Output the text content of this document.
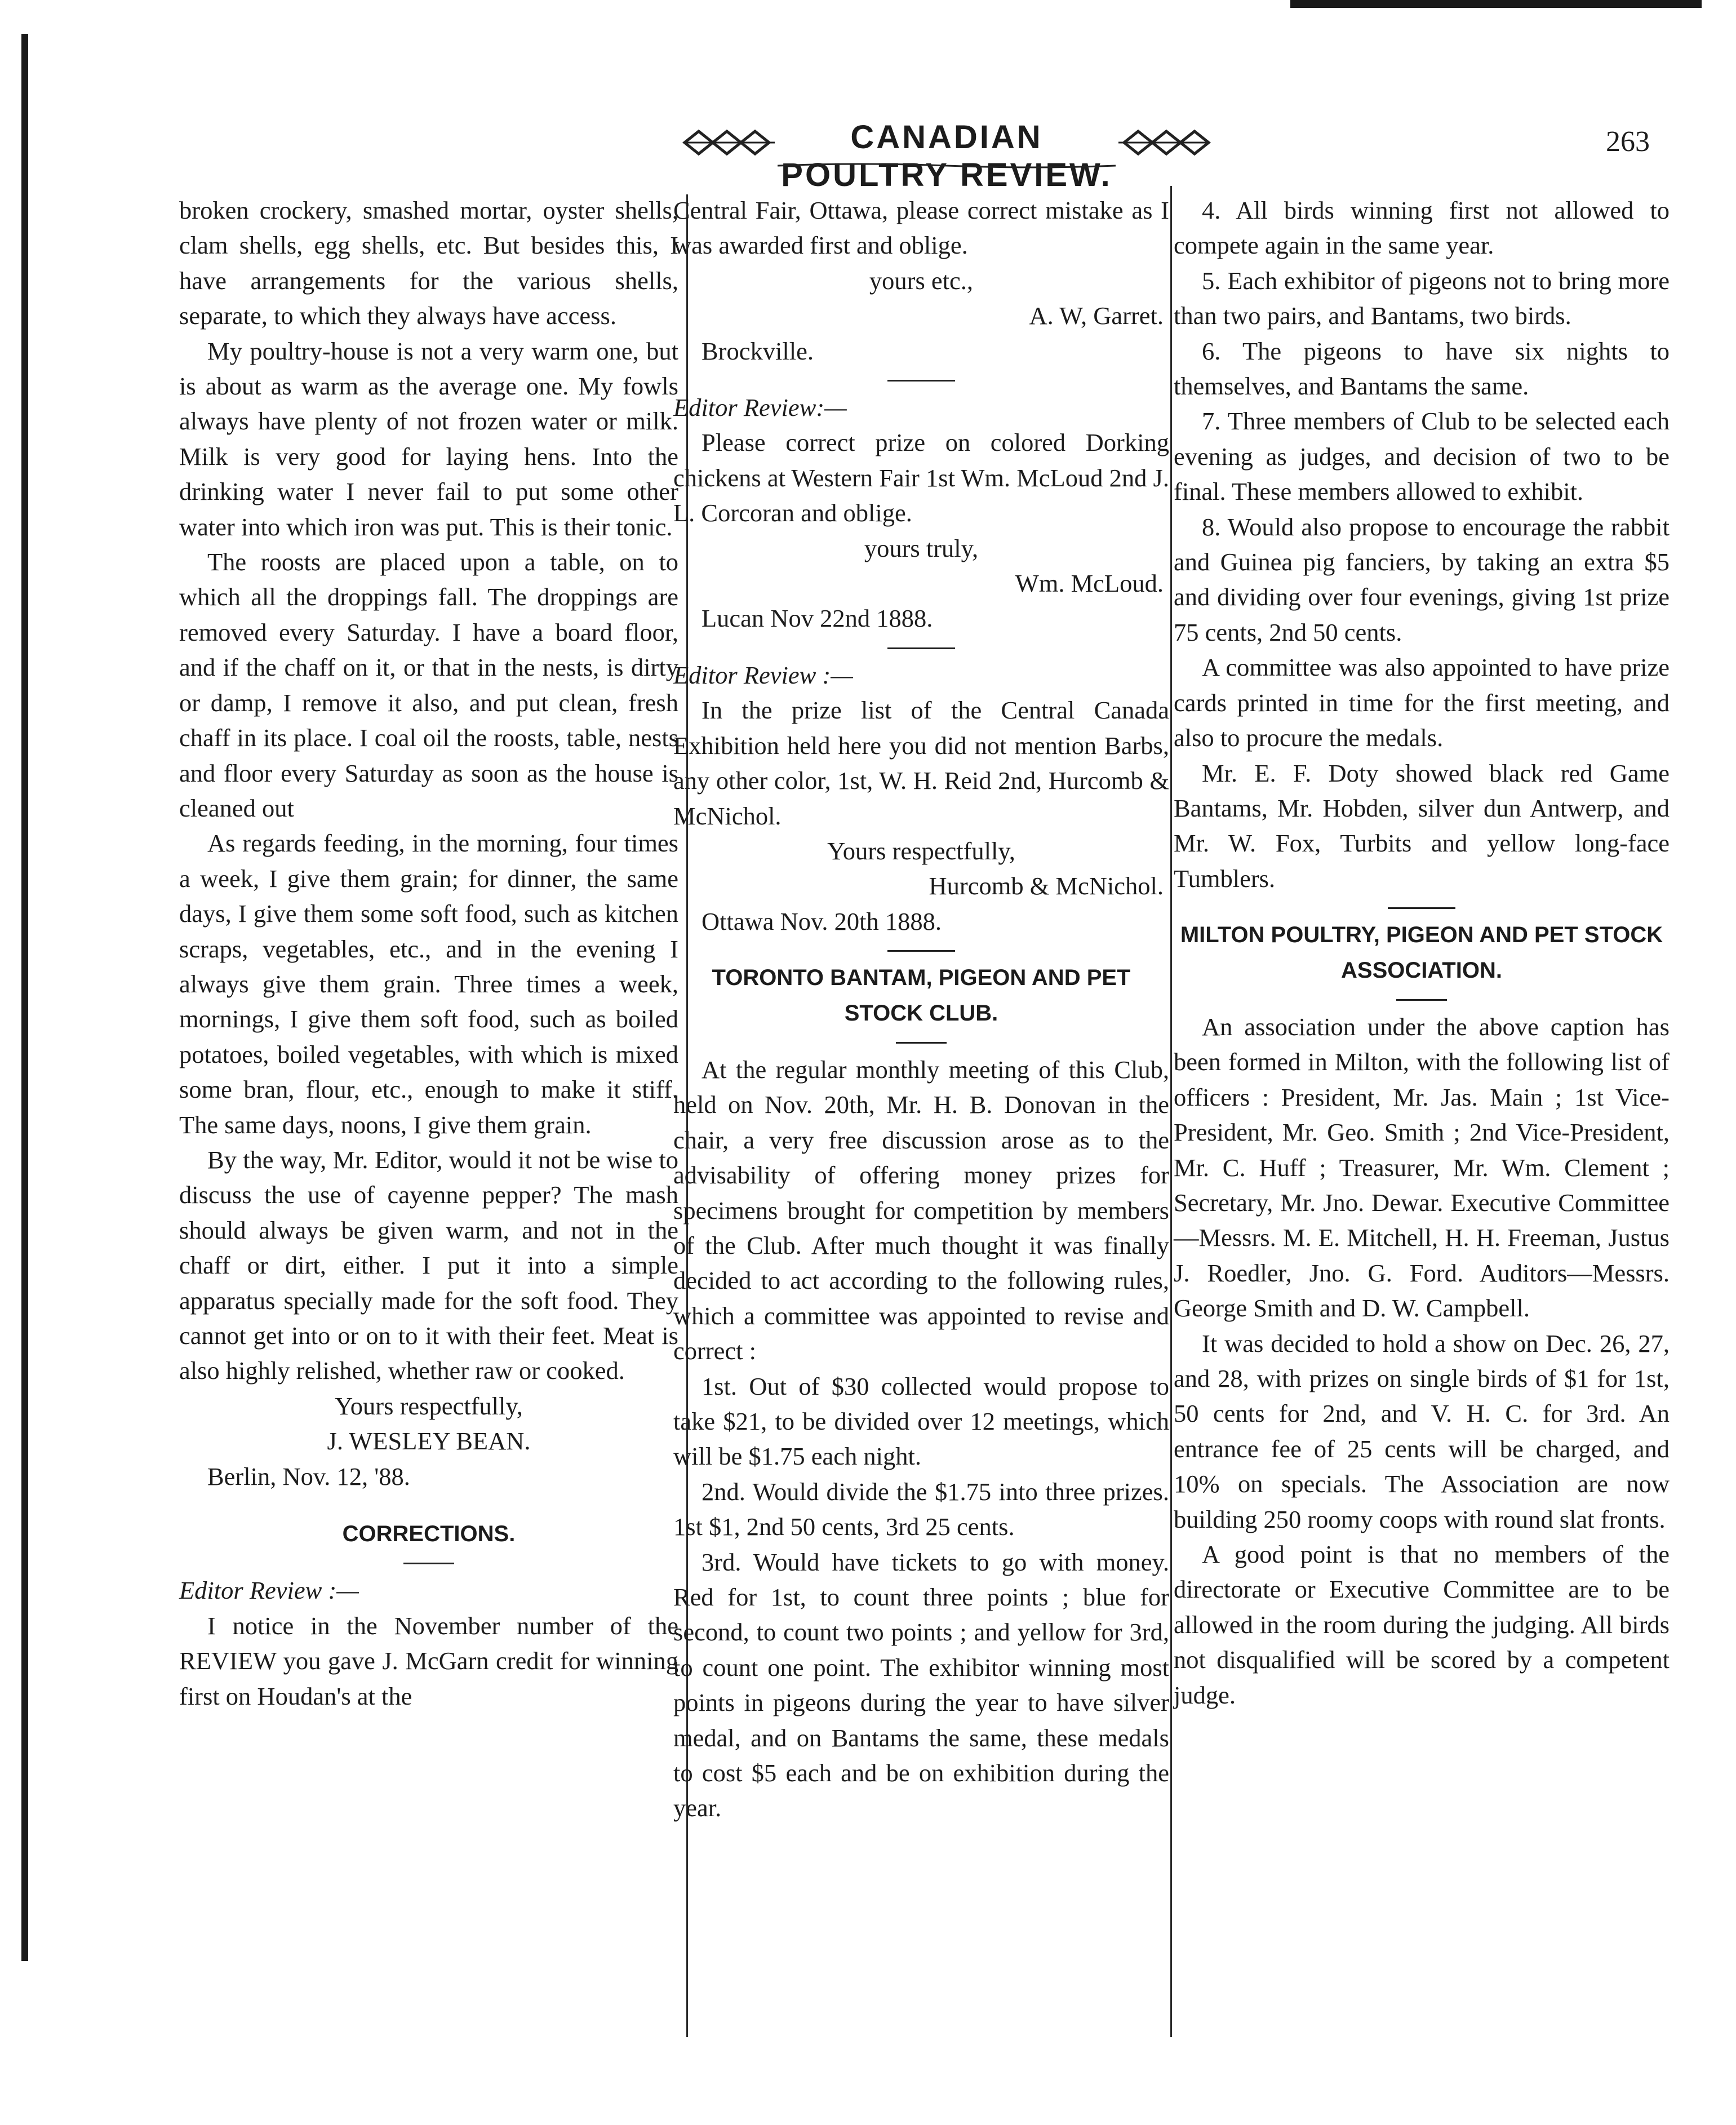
CANADIAN POULTRY REVIEW.
263

broken crockery, smashed mortar, oyster shells, clam shells, egg shells, etc. But besides this, I have arrangements for the various shells, separate, to which they always have access.

My poultry-house is not a very warm one, but is about as warm as the average one. My fowls always have plenty of not frozen water or milk. Milk is very good for laying hens. Into the drinking water I never fail to put some other water into which iron was put. This is their tonic.

The roosts are placed upon a table, on to which all the droppings fall. The droppings are removed every Saturday. I have a board floor, and if the chaff on it, or that in the nests, is dirty or damp, I remove it also, and put clean, fresh chaff in its place. I coal oil the roosts, table, nests and floor every Saturday as soon as the house is cleaned out

As regards feeding, in the morning, four times a week, I give them grain; for dinner, the same days, I give them some soft food, such as kitchen scraps, vegetables, etc., and in the evening I always give them grain. Three times a week, mornings, I give them soft food, such as boiled potatoes, boiled vegetables, with which is mixed some bran, flour, etc., enough to make it stiff. The same days, noons, I give them grain.

By the way, Mr. Editor, would it not be wise to discuss the use of cayenne pepper? The mash should always be given warm, and not in the chaff or dirt, either. I put it into a simple apparatus specially made for the soft food. They cannot get into or on to it with their feet. Meat is also highly relished, whether raw or cooked.

Yours respectfully,

J. WESLEY BEAN.

Berlin, Nov. 12, '88.

CORRECTIONS.

Editor Review :—

I notice in the November number of the REVIEW you gave J. McGarn credit for winning first on Houdan's at the

Central Fair, Ottawa, please correct mistake as I was awarded first and oblige.

yours etc.,

A. W, Garret.

Brockville.

Editor Review:—

Please correct prize on colored Dorking chickens at Western Fair 1st Wm. McLoud 2nd J. L. Corcoran and oblige.

yours truly,

Wm. McLoud.

Lucan Nov 22nd 1888.

Editor Review :—

In the prize list of the Central Canada Exhibition held here you did not mention Barbs, any other color, 1st, W. H. Reid 2nd, Hurcomb & McNichol.

Yours respectfully,

Hurcomb & McNichol.

Ottawa Nov. 20th 1888.

TORONTO BANTAM, PIGEON AND PET STOCK CLUB.

At the regular monthly meeting of this Club, held on Nov. 20th, Mr. H. B. Donovan in the chair, a very free discussion arose as to the advisability of offering money prizes for specimens brought for competition by members of the Club. After much thought it was finally decided to act according to the following rules, which a committee was appointed to revise and correct :

1st. Out of $30 collected would propose to take $21, to be divided over 12 meetings, which will be $1.75 each night.

2nd. Would divide the $1.75 into three prizes. 1st $1, 2nd 50 cents, 3rd 25 cents.

3rd. Would have tickets to go with money. Red for 1st, to count three points ; blue for second, to count two points ; and yellow for 3rd, to count one point. The exhibitor winning most points in pigeons during the year to have silver medal, and on Bantams the same, these medals to cost $5 each and be on exhibition during the year.

4. All birds winning first not allowed to compete again in the same year.

5. Each exhibitor of pigeons not to bring more than two pairs, and Bantams, two birds.

6. The pigeons to have six nights to themselves, and Bantams the same.

7. Three members of Club to be selected each evening as judges, and decision of two to be final. These members allowed to exhibit.

8. Would also propose to encourage the rabbit and Guinea pig fanciers, by taking an extra $5 and dividing over four evenings, giving 1st prize 75 cents, 2nd 50 cents.

A committee was also appointed to have prize cards printed in time for the first meeting, and also to procure the medals.

Mr. E. F. Doty showed black red Game Bantams, Mr. Hobden, silver dun Antwerp, and Mr. W. Fox, Turbits and yellow long-face Tumblers.

MILTON POULTRY, PIGEON AND PET STOCK ASSOCIATION.

An association under the above caption has been formed in Milton, with the following list of officers : President, Mr. Jas. Main ; 1st Vice-President, Mr. Geo. Smith ; 2nd Vice-President, Mr. C. Huff ; Treasurer, Mr. Wm. Clement ; Secretary, Mr. Jno. Dewar. Executive Committee—Messrs. M. E. Mitchell, H. H. Freeman, Justus J. Roedler, Jno. G. Ford. Auditors—Messrs. George Smith and D. W. Campbell.

It was decided to hold a show on Dec. 26, 27, and 28, with prizes on single birds of $1 for 1st, 50 cents for 2nd, and V. H. C. for 3rd. An entrance fee of 25 cents will be charged, and 10% on specials. The Association are now building 250 roomy coops with round slat fronts.

A good point is that no members of the directorate or Executive Committee are to be allowed in the room during the judging. All birds not disqualified will be scored by a competent judge.
